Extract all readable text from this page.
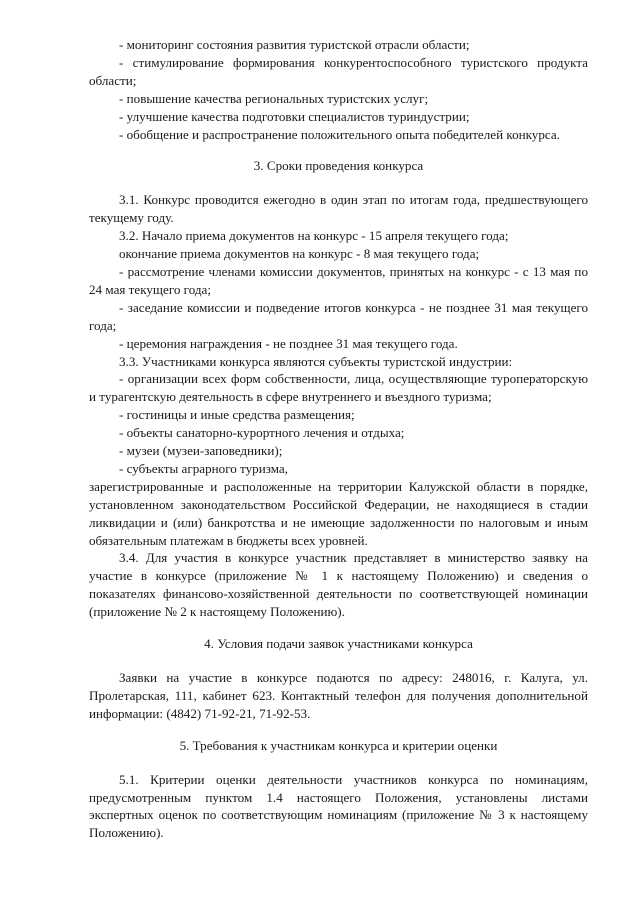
- мониторинг состояния развития туристской отрасли области;

- стимулирование формирования конкурентоспособного туристского продукта области;

- повышение качества региональных туристских услуг;

- улучшение качества подготовки специалистов туриндустрии;

- обобщение и распространение положительного опыта победителей конкурса.

3. Сроки проведения конкурса

3.1. Конкурс проводится ежегодно в один этап по итогам года, предшествующего текущему году.

3.2. Начало приема документов на конкурс - 15 апреля текущего года;

окончание приема документов на конкурс - 8 мая текущего года;

- рассмотрение членами комиссии документов, принятых на конкурс - с 13 мая по 24 мая текущего года;

- заседание комиссии и подведение итогов конкурса - не позднее 31 мая текущего года;

- церемония награждения - не позднее 31 мая текущего года.

3.3. Участниками конкурса являются субъекты туристской индустрии:

- организации всех форм собственности, лица, осуществляющие туроператорскую и турагентскую деятельность в сфере внутреннего и въездного туризма;

- гостиницы и иные средства размещения;

- объекты санаторно-курортного лечения и отдыха;

- музеи (музеи-заповедники);

- субъекты аграрного туризма,

зарегистрированные и расположенные на территории Калужской области в порядке, установленном законодательством Российской Федерации, не находящиеся в стадии ликвидации и (или) банкротства и не имеющие задолженности по налоговым и иным обязательным платежам в бюджеты всех уровней.

3.4. Для участия в конкурсе участник представляет в министерство заявку на участие в конкурсе (приложение № 1 к настоящему Положению) и сведения о показателях финансово-хозяйственной деятельности по соответствующей номинации (приложение № 2 к настоящему Положению).

4. Условия подачи заявок участниками конкурса

Заявки на участие в конкурсе подаются по адресу: 248016, г. Калуга, ул. Пролетарская, 111, кабинет 623. Контактный телефон для получения дополнительной информации: (4842) 71-92-21, 71-92-53.

5. Требования к участникам конкурса и критерии оценки

5.1. Критерии оценки деятельности участников конкурса по номинациям, предусмотренным пунктом 1.4 настоящего Положения, установлены листами экспертных оценок по соответствующим номинациям (приложение № 3 к настоящему Положению).
